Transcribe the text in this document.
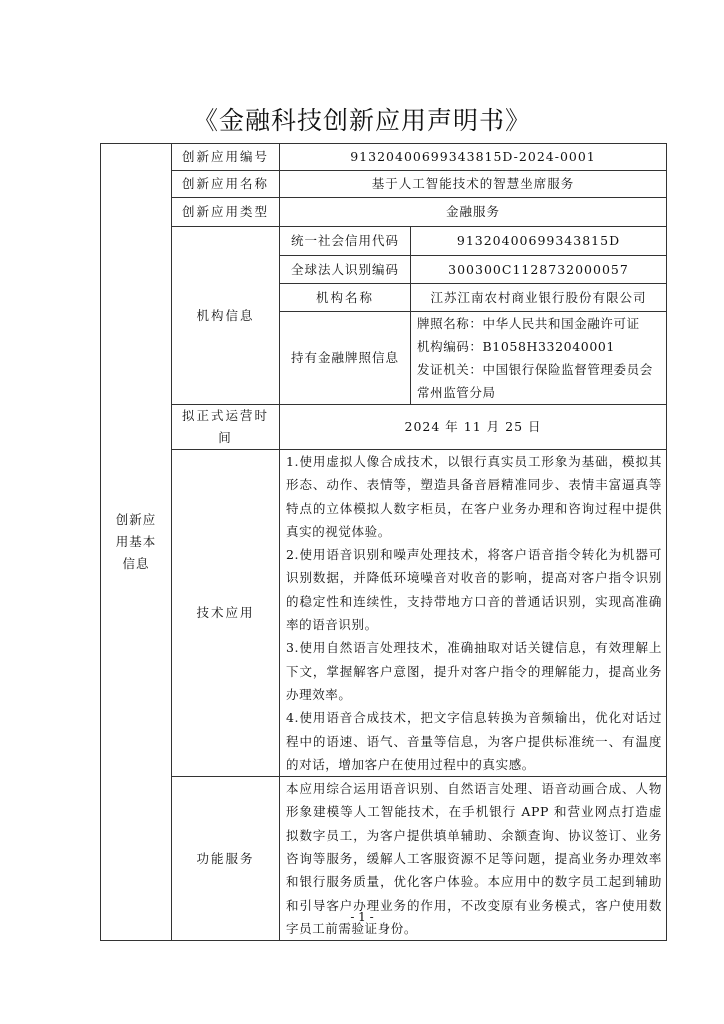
《金融科技创新应用声明书》
创新应用基本信息	创新应用编号	91320400699343815D-2024-0001	
	创新应用名称	基于人工智能技术的智慧坐席服务	
	创新应用类型	金融服务	
	机构信息	统一社会信用代码	91320400699343815D
		全球法人识别编码	300300C1128732000057
		机构名称	江苏江南农村商业银行股份有限公司
		持有金融牌照信息	牌照名称：中华人民共和国金融许可证
机构编码：B1058H332040001
发证机关：中国银行保险监督管理委员会常州监管分局

	拟正式运营时间	2024 年 11 月 25 日	
	技术应用	1.使用虚拟人像合成技术，以银行真实员工形象为基础，模拟其形态、动作、表情等，塑造具备音唇精准同步、表情丰富逼真等特点的立体模拟人数字柜员，在客户业务办理和咨询过程中提供真实的视觉体验。

2.使用语音识别和噪声处理技术，将客户语音指令转化为机器可识别数据，并降低环境噪音对收音的影响，提高对客户指令识别的稳定性和连续性，支持带地方口音的普通话识别，实现高准确率的语音识别。

3.使用自然语言处理技术，准确抽取对话关键信息，有效理解上下文，掌握解客户意图，提升对客户指令的理解能力，提高业务办理效率。

4.使用语音合成技术，把文字信息转换为音频输出，优化对话过程中的语速、语气、音量等信息，为客户提供标准统一、有温度的对话，增加客户在使用过程中的真实感。	

	功能服务	本应用综合运用语音识别、自然语言处理、语音动画合成、人物形象建模等人工智能技术，在手机银行 APP 和营业网点打造虚拟数字员工，为客户提供填单辅助、余额查询、协议签订、业务咨询等服务，缓解人工客服资源不足等问题，提高业务办理效率和银行服务质量，优化客户体验。本应用中的数字员工起到辅助和引导客户办理业务的作用，不改变原有业务模式，客户使用数字员工前需验证身份。	

- 1 -
